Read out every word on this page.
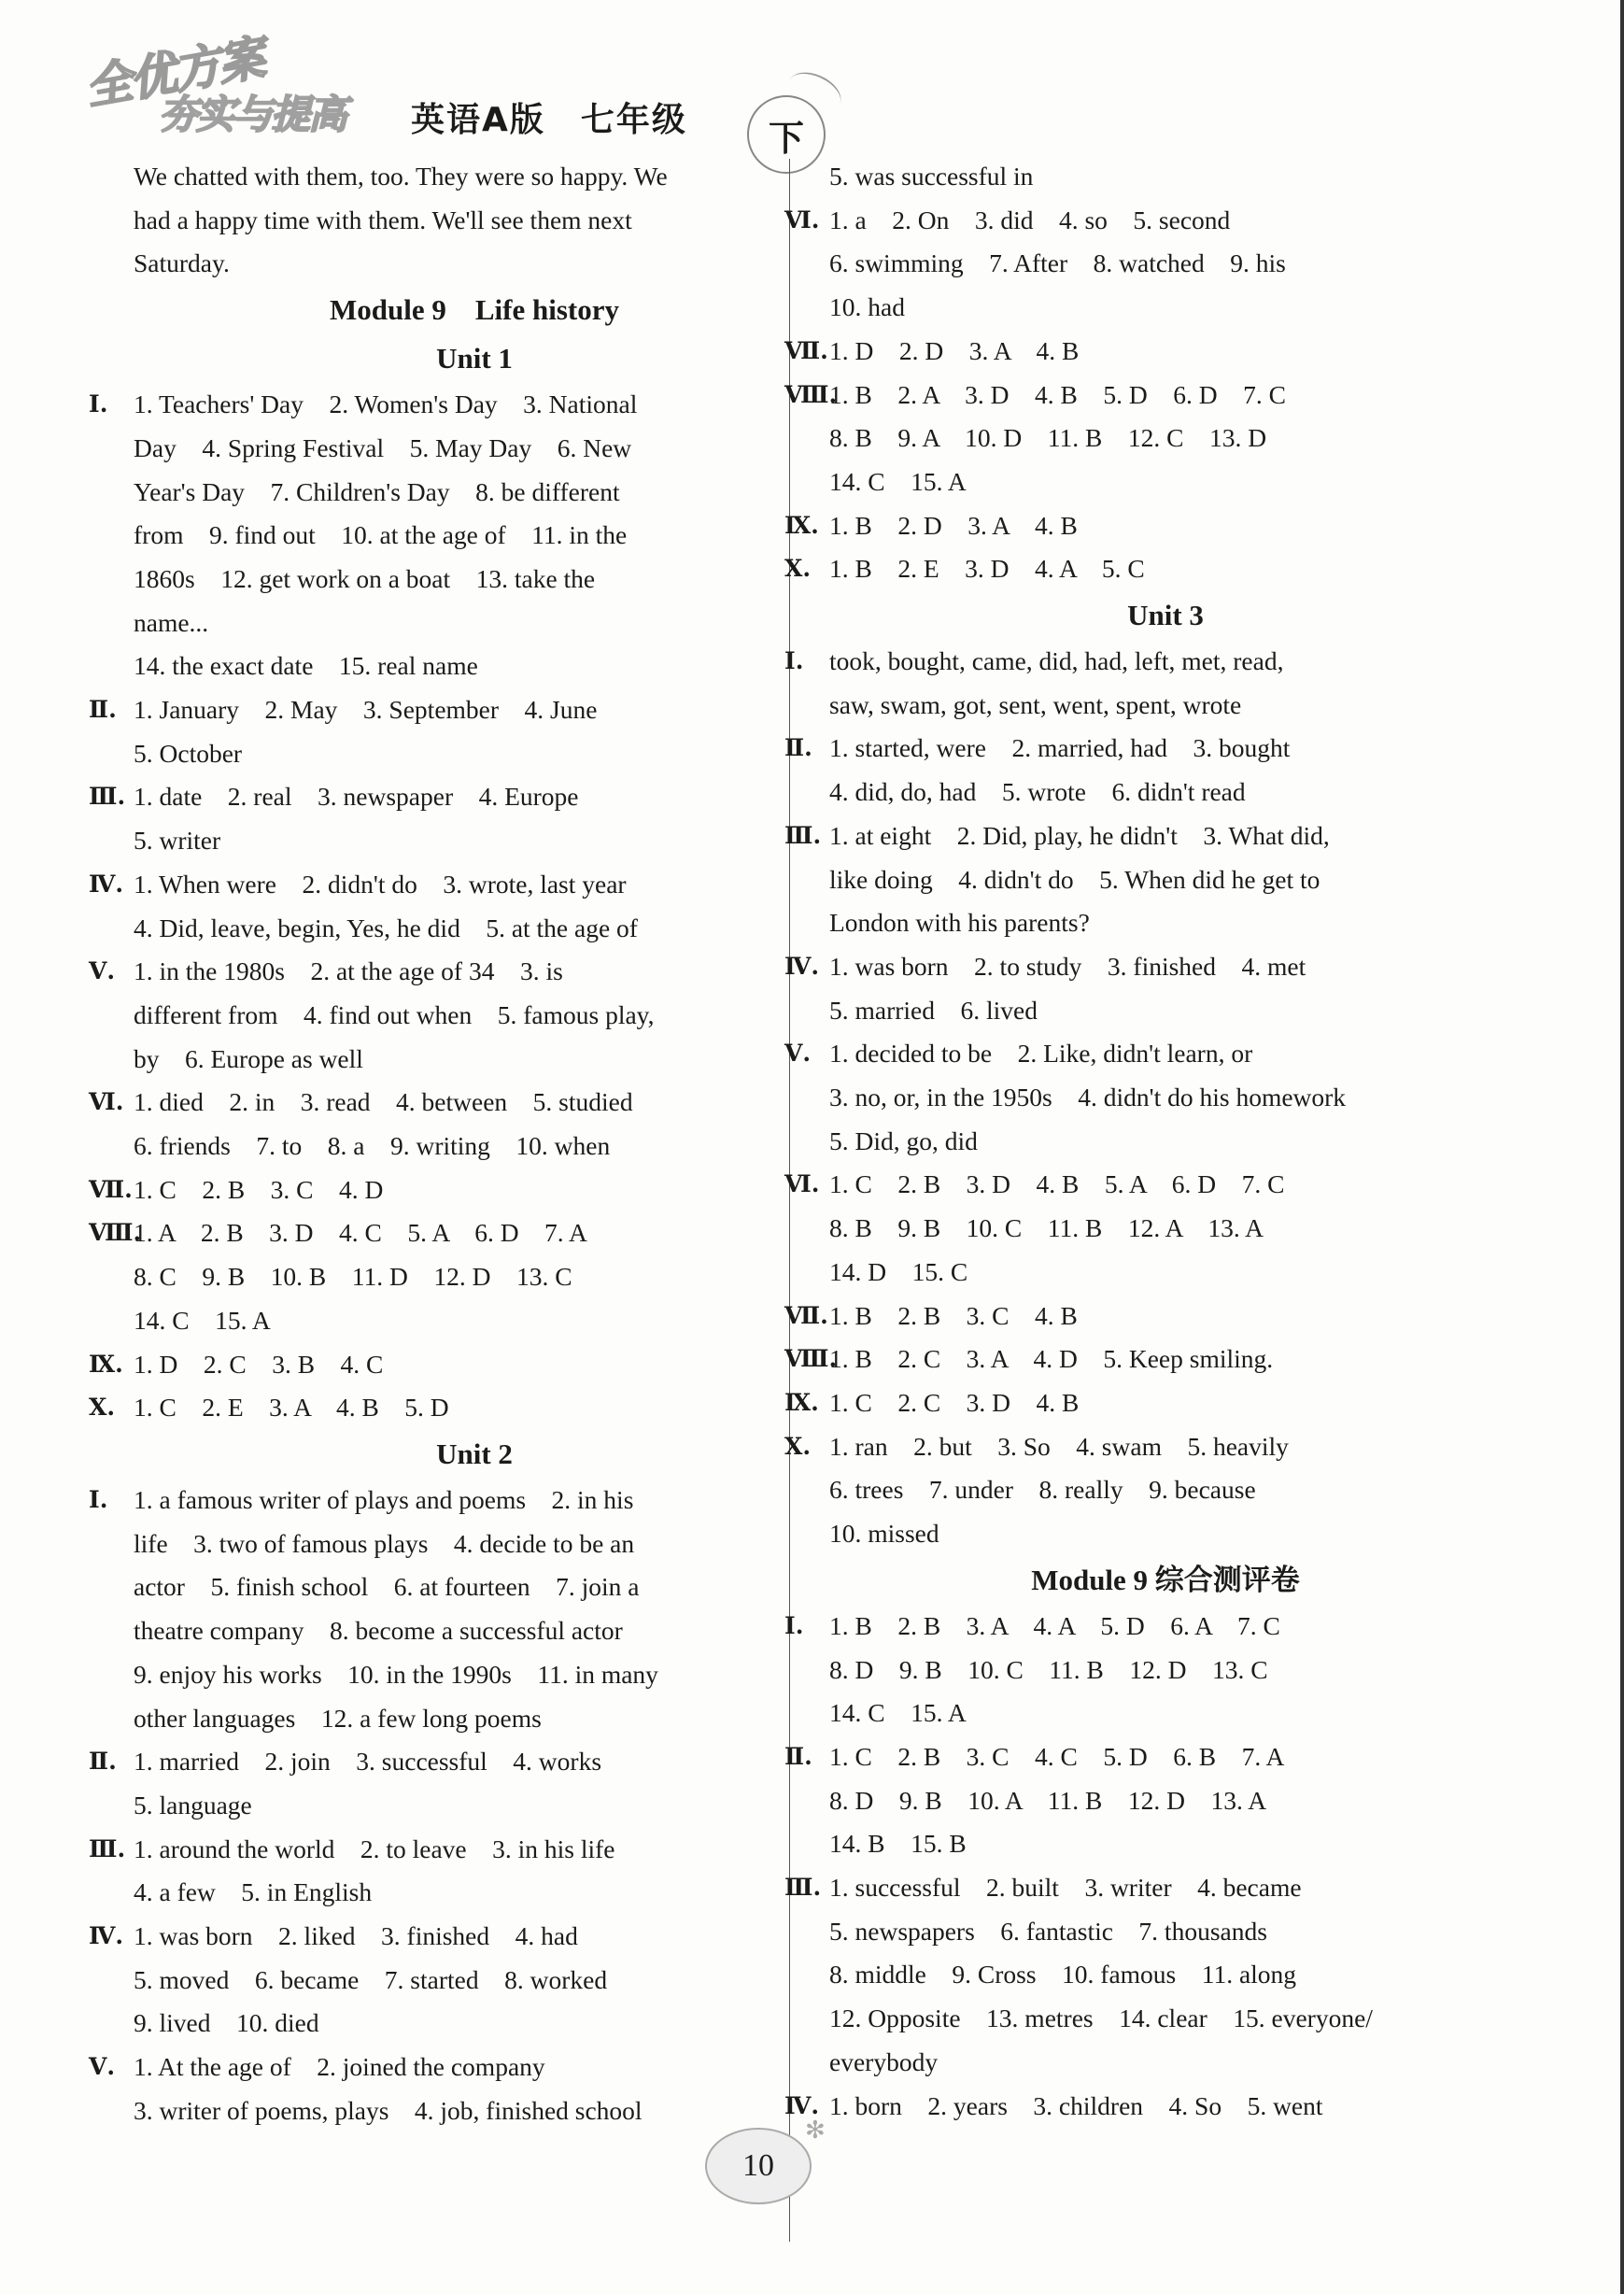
全优方案
夯实与提高 英语A版　七年级 下
We chatted with them, too. They were so happy. We
had a happy time with them. We'll see them next
Saturday.
Module 9　Life history
Unit 1
Ⅰ. 1. Teachers' Day　2. Women's Day　3. National
Day　4. Spring Festival　5. May Day　6. New
Year's Day　7. Children's Day　8. be different
from　9. find out　10. at the age of　11. in the
1860s　12. get work on a boat　13. take the
name...
14. the exact date　15. real name
Ⅱ. 1. January　2. May　3. September　4. June
5. October
Ⅲ. 1. date　2. real　3. newspaper　4. Europe
5. writer
Ⅳ. 1. When were　2. didn't do　3. wrote, last year
4. Did, leave, begin, Yes, he did　5. at the age of
Ⅴ. 1. in the 1980s　2. at the age of 34　3. is
different from　4. find out when　5. famous play,
by　6. Europe as well
Ⅵ. 1. died　2. in　3. read　4. between　5. studied
6. friends　7. to　8. a　9. writing　10. when
Ⅶ. 1. C　2. B　3. C　4. D
Ⅷ.
1. A　2. B　3. D　4. C　5. A　6. D　7. A
8. C　9. B　10. B　11. D　12. D　13. C
14. C　15. A
Ⅸ. 1. D　2. C　3. B　4. C
Ⅹ. 1. C　2. E　3. A　4. B　5. D
Unit 2
Ⅰ. 1. a famous writer of plays and poems　2. in his
life　3. two of famous plays　4. decide to be an
actor　5. finish school　6. at fourteen　7. join a
theatre company　8. become a successful actor
9. enjoy his works　10. in the 1990s　11. in many
other languages　12. a few long poems
Ⅱ. 1. married　2. join　3. successful　4. works
5. language
Ⅲ. 1. around the world　2. to leave　3. in his life
4. a few　5. in English
Ⅳ. 1. was born　2. liked　3. finished　4. had
5. moved　6. became　7. started　8. worked
9. lived　10. died
Ⅴ. 1. At the age of　2. joined the company
3. writer of poems, plays　4. job, finished school
5. was successful in
Ⅵ. 1. a　2. On　3. did　4. so　5. second
6. swimming　7. After　8. watched　9. his
10. had
Ⅶ. 1. D　2. D　3. A　4. B
Ⅷ.
1. B　2. A　3. D　4. B　5. D　6. D　7. C
8. B　9. A　10. D　11. B　12. C　13. D
14. C　15. A
Ⅸ. 1. B　2. D　3. A　4. B
Ⅹ. 1. B　2. E　3. D　4. A　5. C
Unit 3
Ⅰ. took, bought, came, did, had, left, met, read,
saw, swam, got, sent, went, spent, wrote
Ⅱ. 1. started, were　2. married, had　3. bought
4. did, do, had　5. wrote　6. didn't read
Ⅲ. 1. at eight　2. Did, play, he didn't　3. What did,
like doing　4. didn't do　5. When did he get to
London with his parents?
Ⅳ. 1. was born　2. to study　3. finished　4. met
5. married　6. lived
Ⅴ. 1. decided to be　2. Like, didn't learn, or
3. no, or, in the 1950s　4. didn't do his homework
5. Did, go, did
Ⅵ. 1. C　2. B　3. D　4. B　5. A　6. D　7. C
8. B　9. B　10. C　11. B　12. A　13. A
14. D　15. C
Ⅶ. 1. B　2. B　3. C　4. B
Ⅷ.
1. B　2. C　3. A　4. D　5. Keep smiling.
Ⅸ. 1. C　2. C　3. D　4. B
Ⅹ. 1. ran　2. but　3. So　4. swam　5. heavily
6. trees　7. under　8. really　9. because
10. missed
Module 9 综合测评卷
Ⅰ. 1. B　2. B　3. A　4. A　5. D　6. A　7. C
8. D　9. B　10. C　11. B　12. D　13. C
14. C　15. A
Ⅱ. 1. C　2. B　3. C　4. C　5. D　6. B　7. A
8. D　9. B　10. A　11. B　12. D　13. A
14. B　15. B
Ⅲ. 1. successful　2. built　3. writer　4. became
5. newspapers　6. fantastic　7. thousands
8. middle　9. Cross　10. famous　11. along
12. Opposite　13. metres　14. clear　15. everyone/
everybody
Ⅳ. 1. born　2. years　3. children　4. So　5. went
10
✻
